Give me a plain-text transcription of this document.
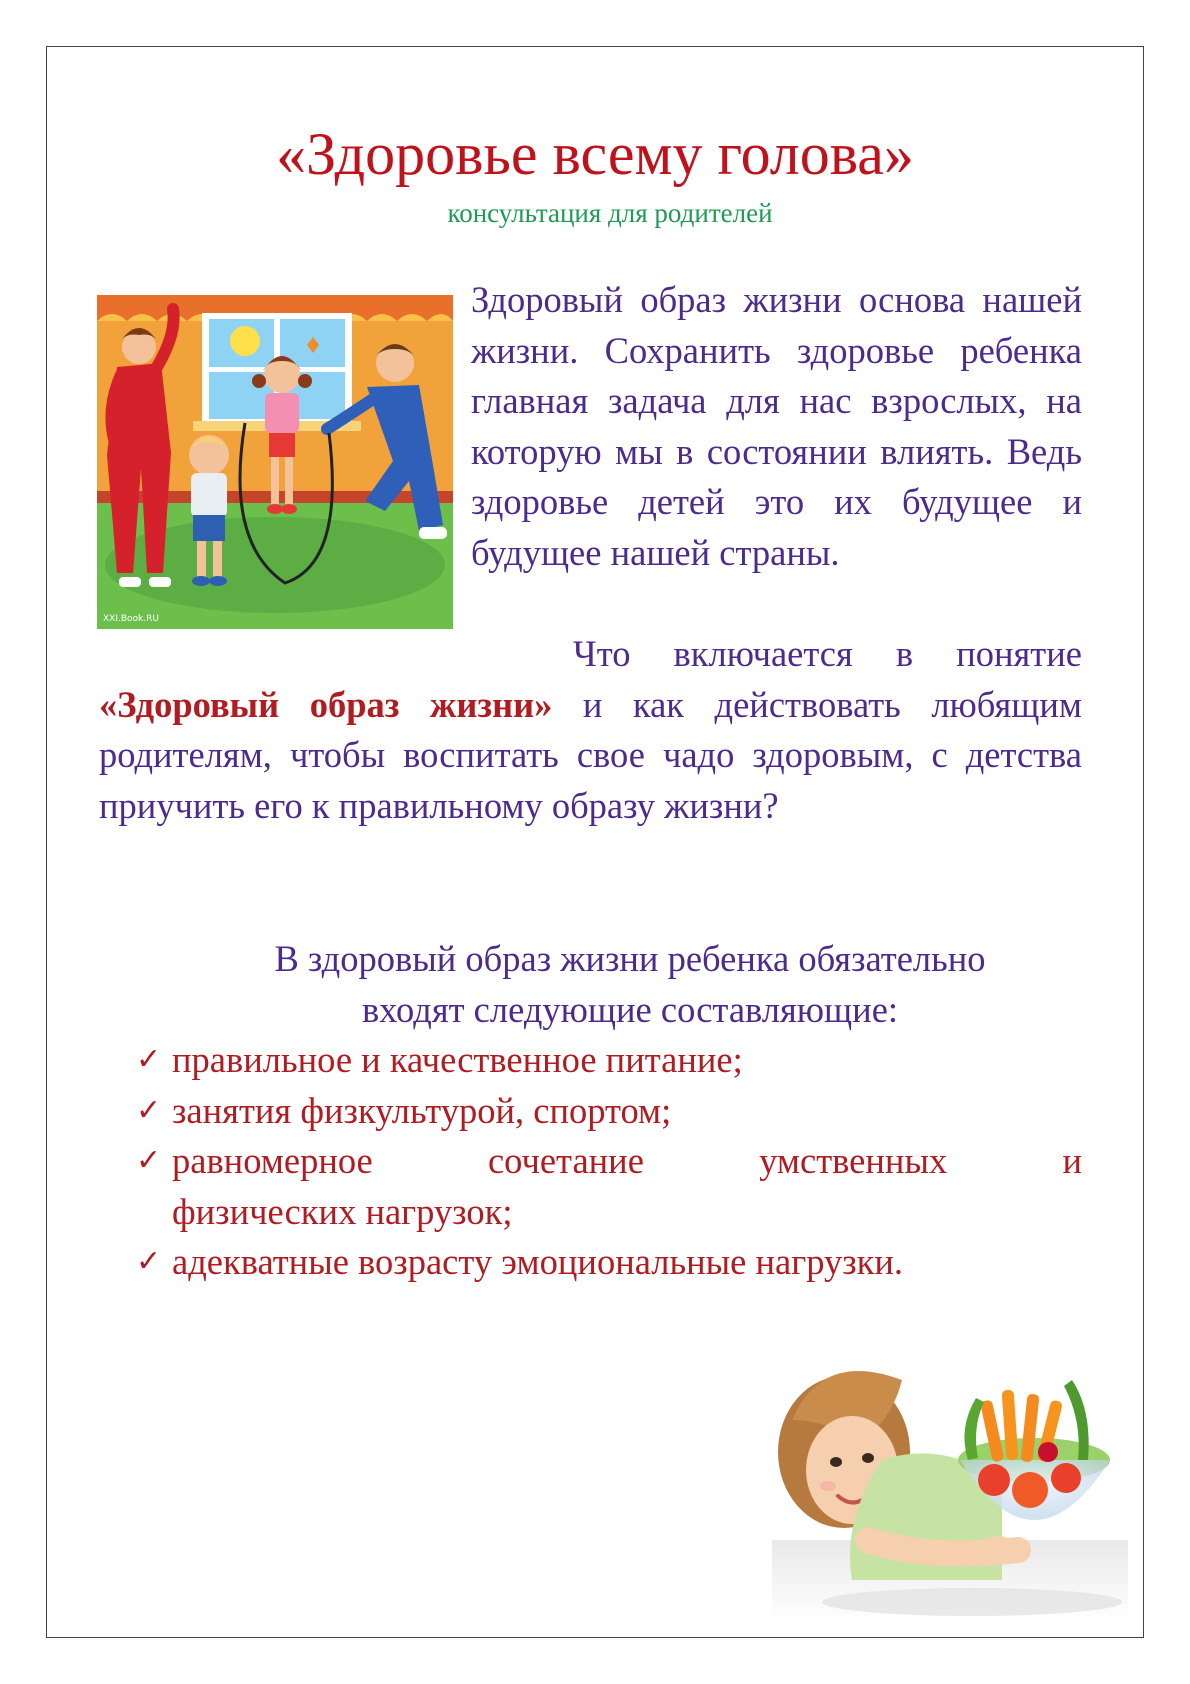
«Здоровье всему голова»

консультация для родителей

XXI.Book.RU

Здоровый образ жизни основа нашей жизни. Сохранить здоровье ребенка главная задача для нас взрослых, на которую мы в состоянии влиять. Ведь здоровье детей это их будущее и будущее нашей страны.

Что включается в понятие «Здоровый образ жизни» и как действовать любящим родителям, чтобы воспитать свое чадо здоровым, с детства приучить его к правильному образу жизни?

В здоровый образ жизни ребенка обязательно
входят следующие составляющие:

✓ правильное и качественное питание;
✓ занятия физкультурой, спортом;
✓ равномерное сочетание умственных и
физических нагрузок;
✓ адекватные возрасту эмоциональные нагрузки.
